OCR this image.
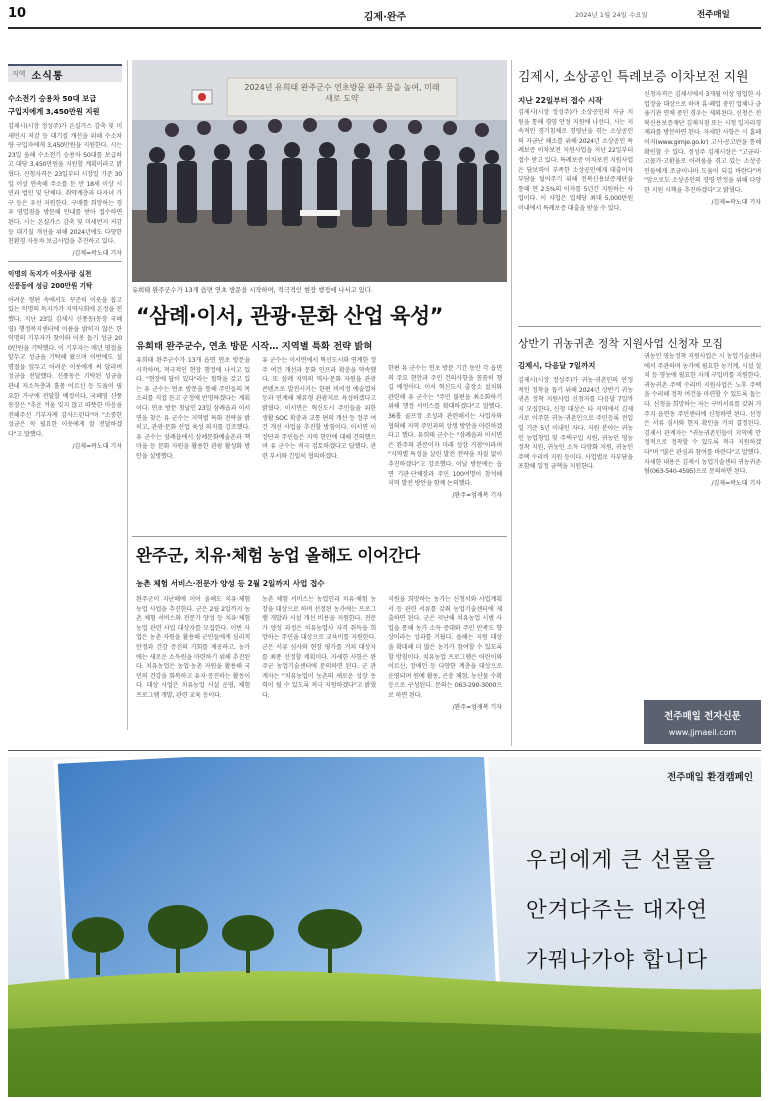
10	김제·완주	2024년 1월 24일 수요일	전주매일
지역 소식통
수소전기 승용차 50대 보급
구입지에게 3,450만원 지원
김제시(시장 정성주)가 온실가스 감축 및 미세먼지 저감 등 대기질 개선을 위해 수소차량 구입자에게 3,450만원을 지원한다. 시는 23일 올해 수소전기 승용차 50대를 보급하고 대당 3,450만원을 지원할 계획이라고 밝혔다. 신청자격은 23일부터 시장일 기준 30일 이상 연속해 주소를 둔 만 18세 이상 시민과 법인 및 단체다. 취약계층과 다자녀 가구 등은 우선 지원한다. 구매를 희망하는 경우 영업점을 방문해 안내를 받아 접수하면 된다. 시는 온실가스 감축 및 미세먼지 저감 등 대기질 개선을 위해 2024년에도 다양한 친환경 자동차 보급사업을 추진하고 있다.
/김제=곽노대 기자
익명의 독지가 이웃사랑 실천
신풍동에 성금 200만원 기탁
어려운 형편 속에서도 꾸준히 이웃을 돕고 있는 익명의 독지가가 지역사회에 온정을 전했다. 지난 23일 김제시 신풍동(동장 국혜영) 행정복지센터에 이름을 밝히지 않은 한 익명의 기부자가 찾아와 이웃 돕기 성금 200만원을 기탁했다. 이 기부자는 매년 명절을 앞두고 성금을 기탁해 왔으며 이번에도 설 명절을 앞두고 어려운 이웃에게 써 달라며 성금을 전달했다. 신풍동은 기탁된 성금을 관내 저소득층과 홀몸 어르신 등 도움이 필요한 가구에 전달할 예정이다. 국혜영 신풍동장은 "추운 겨울 잊지 않고 따뜻한 마음을 전해주신 기부자께 감사드린다"며 "소중한 성금은 꼭 필요한 이웃에게 잘 전달하겠다"고 말했다.
/김제=곽노대 기자
2024년 유희태 완주군수 연초방문 완주 꿈을 높여, 미래 새로 도약
유희태 완주군수가 13개 읍면 연초 방문을 시작하며, 적극적인 현장 행정에 나서고 있다.
“삼례·이서, 관광·문화 산업 육성”
유희태 완주군수, 연초 방문 시작… 지역별 특화 전략 밝혀
유희태 완주군수가 13개 읍면 연초 방문을 시작하며, 적극적인 현장 행정에 나서고 있다. "현장에 답이 있다"라는 철학을 갖고 있는 유 군수는 연초 방문을 통해 주민들의 목소리를 직접 듣고 군정에 반영하겠다는 계획이다. 연초 방문 첫날인 23일 삼례읍과 이서면을 찾은 유 군수는 지역별 특화 전략을 밝히고, 관광·문화 산업 육성 의지를 강조했다. 유 군수는 삼례읍에서 삼례문화예술촌과 책마을 등 문화 자원을 활용한 관광 활성화 방안을 설명했다.
유 군수는 이서면에서 혁신도시와 연계한 정주 여건 개선과 문화 인프라 확충을 약속했다. 또 삼례 지역의 역사·문화 자원을 관광 콘텐츠로 발전시키는 한편 비비정 예술열차 등과 연계해 체류형 관광지로 육성하겠다고 밝혔다. 이서면은 혁신도시 주민들을 위한 생활 SOC 확충과 교통 편의 개선 등 정주 여건 개선 사업을 추진할 방침이다. 이서면 이장단과 주민들은 지역 현안에 대해 건의했으며 유 군수는 적극 검토하겠다고 답했다. 관련 부서와 긴밀히 협의하겠다.
한편 유 군수는 연초 방문 기간 동안 각 읍면의 주요 현안과 주민 건의사항을 꼼꼼히 챙길 예정이다. 이서 혁신도시 출장소 설치와 관련해 유 군수는 "주민 불편을 최소화하기 위해 행정 서비스를 확대하겠다"고 말했다. 36홀 골프장 조성과 관련해서는 사업자와 협의해 지역 주민과의 상생 방안을 마련하겠다고 했다. 유희태 군수는 "삼례읍과 이서면은 완주의 관문이자 미래 성장 거점"이라며 "지역별 특성을 살린 발전 전략을 차질 없이 추진하겠다"고 강조했다. 이날 방문에는 읍면 기관·단체장과 주민 100여명이 참석해 지역 발전 방안을 함께 논의했다.
/완주=엄재복 기자
완주군, 치유·체험 농업 올해도 이어간다
농촌 체험 서비스·전문가 양성 등 2월 2일까지 사업 접수
완주군이 지난해에 이어 올해도 치유·체험 농업 사업을 추진한다. 군은 2월 2일까지 농촌 체험 서비스와 전문가 양성 등 치유·체험 농업 관련 사업 대상자를 모집한다. 이번 사업은 농촌 자원을 활용해 군민들에게 심리적 안정과 건강 증진의 기회를 제공하고, 농가에는 새로운 소득원을 마련하기 위해 추진된다. 치유농업은 농업·농촌 자원을 활용해 국민의 건강을 회복하고 유지·증진하는 활동이다. 대상 사업은 치유농업 시설 운영, 체험 프로그램 개발, 관련 교육 등이다.
농촌 체험 서비스는 농업인과 치유·체험 농장을 대상으로 하며 선정된 농가에는 프로그램 개발과 시설 개선 비용을 지원한다. 전문가 양성 과정은 치유농업사 자격 취득을 희망하는 주민을 대상으로 교육비를 지원한다. 군은 서류 심사와 현장 평가를 거쳐 대상자를 최종 선정할 계획이다. 자세한 사항은 완주군 농업기술센터에 문의하면 된다. 군 관계자는 "치유농업이 농촌의 새로운 성장 동력이 될 수 있도록 적극 지원하겠다"고 밝혔다.
지원을 희망하는 농가는 신청서와 사업계획서 등 관련 서류를 갖춰 농업기술센터에 제출하면 된다. 군은 지난해 치유농업 시범 사업을 통해 농가 소득 증대와 주민 만족도 향상이라는 성과를 거뒀다. 올해는 지원 대상을 확대해 더 많은 농가가 참여할 수 있도록 할 방침이다. 치유농업 프로그램은 어린이와 어르신, 장애인 등 다양한 계층을 대상으로 운영되며 원예 활동, 곤충 체험, 농산물 수확 등으로 구성된다. 문의는 063-290-3000으로 하면 된다.
/완주=엄재복 기자
김제시, 소상공인 특례보증 이차보전 지원
지난 22일부터 접수 시작
김제시(시장 정성주)가 소상공인의 자금 지원을 통해 경영 안정 지원에 나선다. 시는 지속적인 경기침체로 경영난을 겪는 소상공인의 자금난 해소를 위해 2024년 소상공인 특례보증 이차보전 지원사업을 지난 22일부터 접수 받고 있다. 특례보증 이차보전 지원사업은 담보력이 부족한 소상공인에게 대출이자 부담을 덜어주기 위해 전북신용보증재단을 통해 연 2.5%의 이자를 5년간 지원하는 사업이다. 이 사업은 업체당 최대 5,000만원 이내에서 특례보증 대출을 받을 수 있다.
신청자격은 김제시에서 3개월 이상 영업한 사업장을 대상으로 하며 휴·폐업 중인 업체나 금융기관 연체 중인 경우는 제외된다. 신청은 전북신용보증재단 김제지점 또는 시청 일자리경제과를 방문하면 된다. 자세한 사항은 시 홈페이지(www.gimje.go.kr) 고시·공고란을 통해 확인할 수 있다. 정성주 김제시장은 "고금리·고물가·고환율로 어려움을 겪고 있는 소상공인들에게 조금이나마 도움이 되길 바란다"며 "앞으로도 소상공인의 경영 안정을 위해 다양한 지원 시책을 추진하겠다"고 밝혔다.
/김제=곽노대 기자
상반기 귀농귀촌 정착 지원사업 신청자 모집
김제시, 다음달 7일까지
김제시(시장 정성주)가 귀농·귀촌인의 안정적인 정착을 돕기 위해 2024년 상반기 귀농귀촌 정착 지원사업 신청자를 다음달 7일까지 모집한다. 신청 대상은 타 지역에서 김제시로 이주한 귀농·귀촌인으로 주민등록 전입일 기준 5년 이내인 자다. 지원 분야는 귀농인 농업창업 및 주택구입 지원, 귀농인 영농정착 지원, 귀농인 소득 다양화 지원, 귀농인 주택 수리비 지원 등이다. 사업별로 자부담을 포함해 일정 금액을 지원한다.
귀농인 영농정착 지원사업은 시 농업기술센터에서 주관하며 농가에 필요한 농기계, 시설 설치 등 영농에 필요한 자재 구입비를 지원한다. 귀농귀촌 주택 수리비 지원사업은 노후 주택을 수리해 정착 여건을 마련할 수 있도록 돕는다. 신청을 희망하는 자는 구비서류를 갖춰 거주지 읍면동 주민센터에 신청하면 된다. 선정은 서류 심사와 현지 확인을 거쳐 결정된다. 김제시 관계자는 "귀농귀촌인들이 지역에 안정적으로 정착할 수 있도록 적극 지원하겠다"며 "많은 관심과 참여를 바란다"고 말했다. 자세한 내용은 김제시 농업기술센터 귀농귀촌팀(063-540-4595)으로 문의하면 된다.
/김제=곽노대 기자
전주매일 전자신문
www.jjmaeil.com
전주매일 환경캠페인
우리에게 큰 선물을
안겨다주는 대자연
가꿔나가야 합니다
